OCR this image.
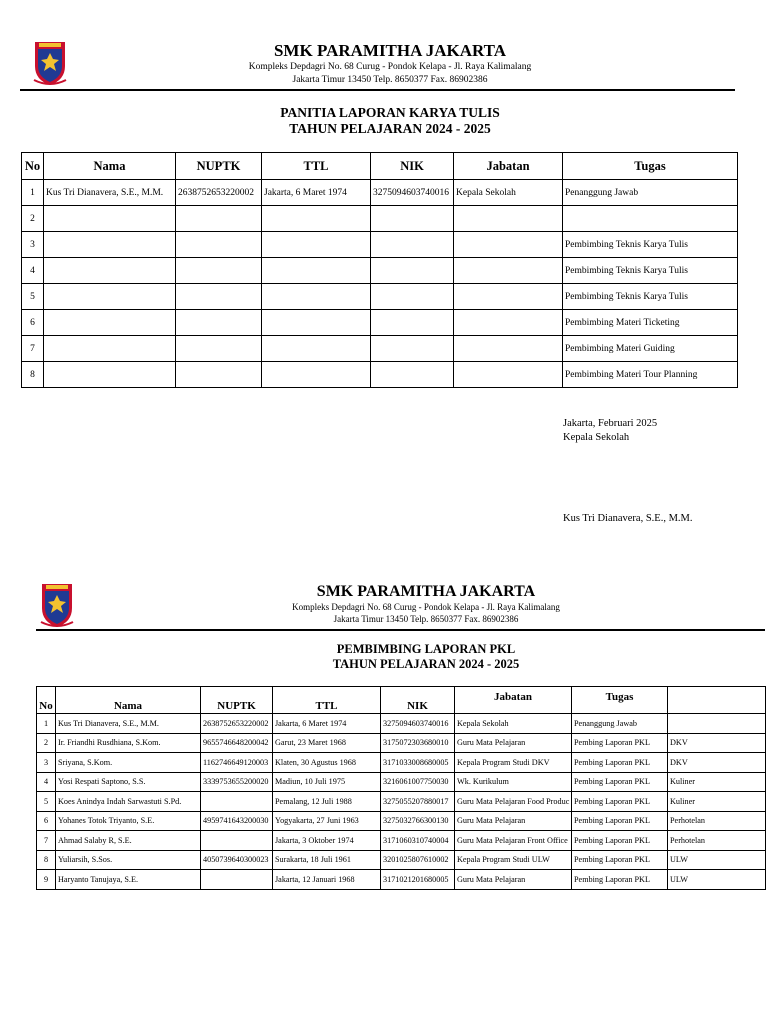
SMK PARAMITHA JAKARTA
Kompleks Depdagri No. 68 Curug - Pondok Kelapa - Jl. Raya Kalimalang
Jakarta Timur 13450 Telp. 8650377 Fax. 86902386
PANITIA LAPORAN KARYA TULIS
TAHUN PELAJARAN 2024 - 2025
No	Nama	NUPTK	TTL	NIK	Jabatan	Tugas
1	Kus Tri Dianavera, S.E., M.M.	2638752653220002	Jakarta, 6 Maret 1974	3275094603740016	Kepala Sekolah	Penanggung Jawab
2						
3						Pembimbing Teknis Karya Tulis
4						Pembimbing Teknis Karya Tulis
5						Pembimbing Teknis Karya Tulis
6						Pembimbing Materi Ticketing
7						Pembimbing Materi Guiding
8						Pembimbing Materi Tour Planning
Jakarta, Februari 2025
Kepala Sekolah
Kus Tri Dianavera, S.E., M.M.
SMK PARAMITHA JAKARTA
Kompleks Depdagri No. 68 Curug - Pondok Kelapa - Jl. Raya Kalimalang
Jakarta Timur 13450 Telp. 8650377 Fax. 86902386
PEMBIMBING LAPORAN PKL
TAHUN PELAJARAN 2024 - 2025
No	Nama	NUPTK	TTL	NIK	Jabatan	Tugas	
1	Kus Tri Dianavera, S.E., M.M.	2638752653220002	Jakarta, 6 Maret 1974	3275094603740016	Kepala Sekolah	Penanggung Jawab	
2	Ir. Friandhi Rusdhiana, S.Kom.	9655746648200042	Garut, 23 Maret 1968	3175072303680010	Guru Mata Pelajaran	Pembing Laporan PKL	DKV
3	Sriyana, S.Kom.	1162746649120003	Klaten, 30 Agustus 1968	3171033008680005	Kepala Program Studi DKV	Pembing Laporan PKL	DKV
4	Yosi Respati Saptono, S.S.	3339753655200020	Madiun, 10 Juli 1975	3216061007750030	Wk. Kurikulum	Pembing Laporan PKL	Kuliner
5	Koes Anindya Indah Sarwastuti S.Pd.		Pemalang, 12 Juli 1988	3275055207880017	Guru Mata Pelajaran Food Produc	Pembing Laporan PKL	Kuliner
6	Yohanes Totok Triyanto, S.E.	4959741643200030	Yogyakarta, 27 Juni 1963	3275032766300130	Guru Mata Pelajaran	Pembing Laporan PKL	Perhotelan
7	Ahmad Salaby R, S.E.		Jakarta, 3 Oktober 1974	3171060310740004	Guru Mata Pelajaran Front Office	Pembing Laporan PKL	Perhotelan
8	Yuliarsih, S.Sos.	4050739640300023	Surakarta, 18 Juli 1961	3201025807610002	Kepala Program Studi ULW	Pembing Laporan PKL	ULW
9	Haryanto Tanujaya, S.E.		Jakarta, 12 Januari 1968	3171021201680005	Guru Mata Pelajaran	Pembing Laporan PKL	ULW
